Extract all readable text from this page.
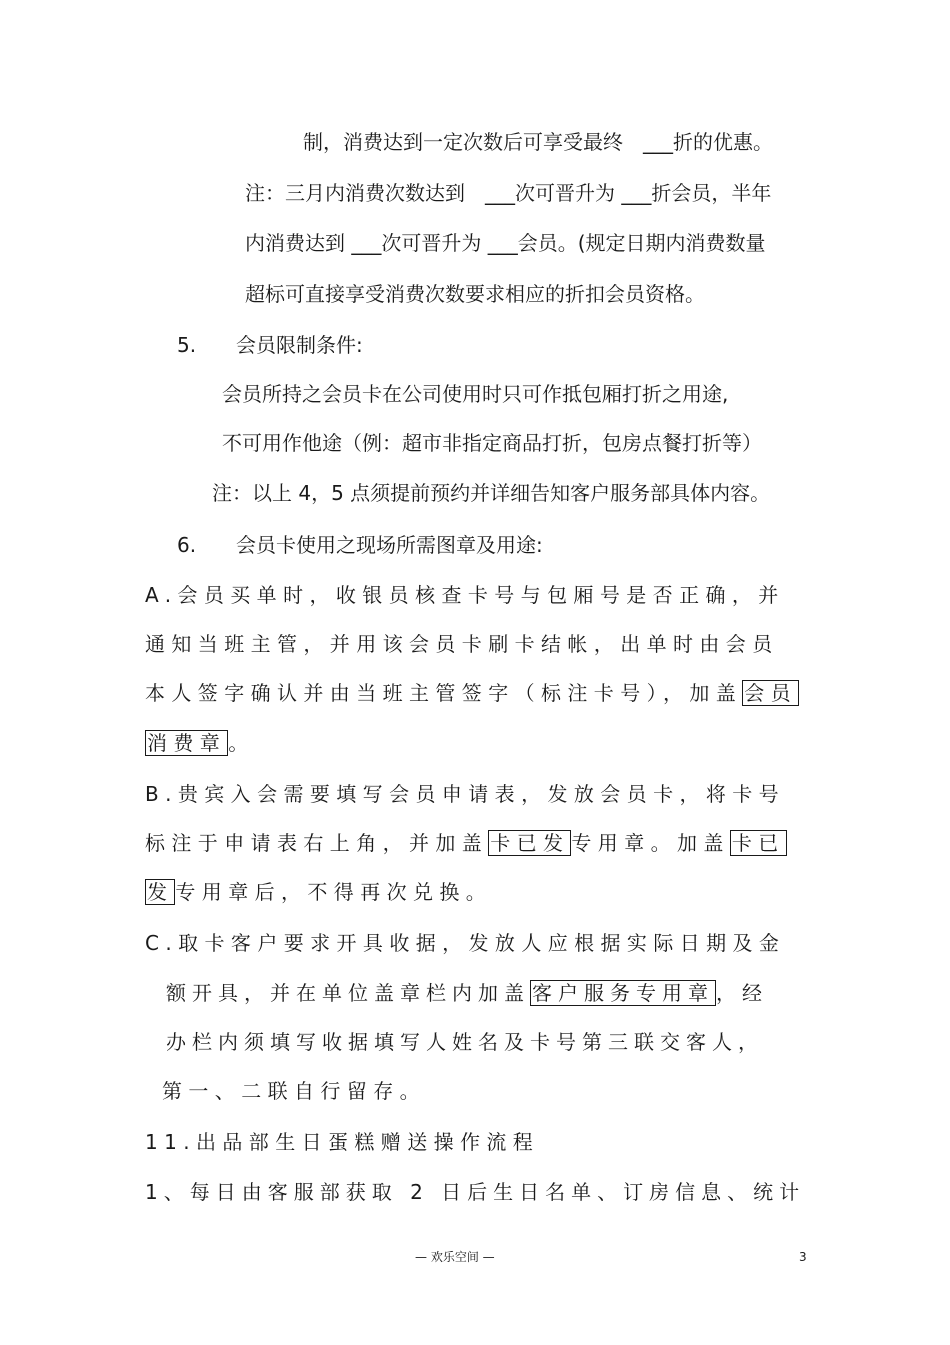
制，消费达到一定次数后可享受最终　___折的优惠。
注：三月内消费次数达到　___次可晋升为 ___折会员，半年
内消费达到 ___次可晋升为 ___会员。(规定日期内消费数量
超标可直接享受消费次数要求相应的折扣会员资格。
5. 会员限制条件:
会员所持之会员卡在公司使用时只可作抵包厢打折之用途,
不可用作他途（例：超市非指定商品打折，包房点餐打折等）
注：以上 4，5 点须提前预约并详细告知客户服务部具体内容。
6. 会员卡使用之现场所需图章及用途:
A.会员买单时，收银员核查卡号与包厢号是否正确，并
通知当班主管，并用该会员卡刷卡结帐，出单时由会员
本人签字确认并由当班主管签字（标注卡号），加盖 会员
消费章 。
B.贵宾入会需要填写会员申请表，发放会员卡，将卡号
标注于申请表右上角，并加盖 卡已发 专用章。加盖 卡已
发 专用章后，不得再次兑换。
C.取卡客户要求开具收据，发放人应根据实际日期及金
额开具，并在单位盖章栏内加盖 客户服务专用章 ，经
办栏内须填写收据填写人姓名及卡号第三联交客人，
第一、二联自行留存。
11.出品部生日蛋糕赠送操作流程
1、每日由客服部获取 2 日后生日名单、订房信息、统计
— 欢乐空间 —	3
